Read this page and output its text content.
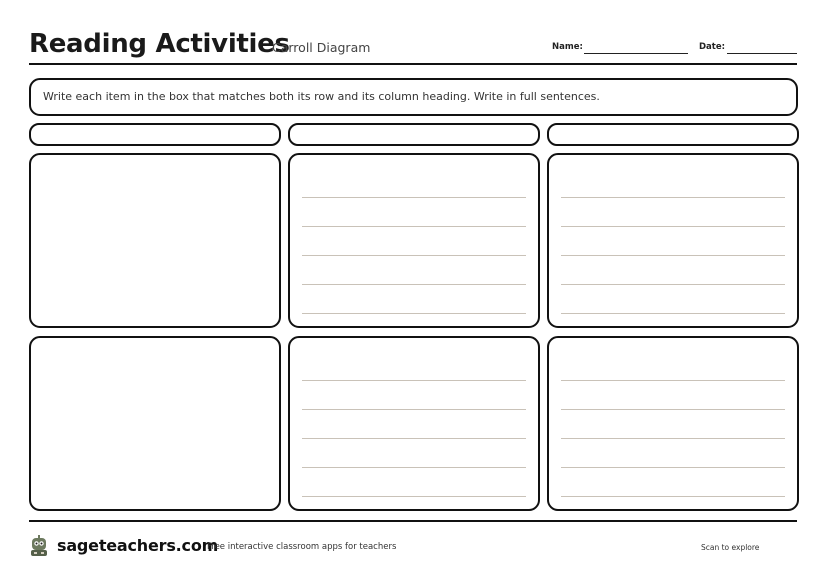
Reading Activities
Carroll Diagram	Name:	Date:
Write each item in the box that matches both its row and its column heading. Write in full sentences.
sageteachers.com
Free interactive classroom apps for teachers	Scan to explore
